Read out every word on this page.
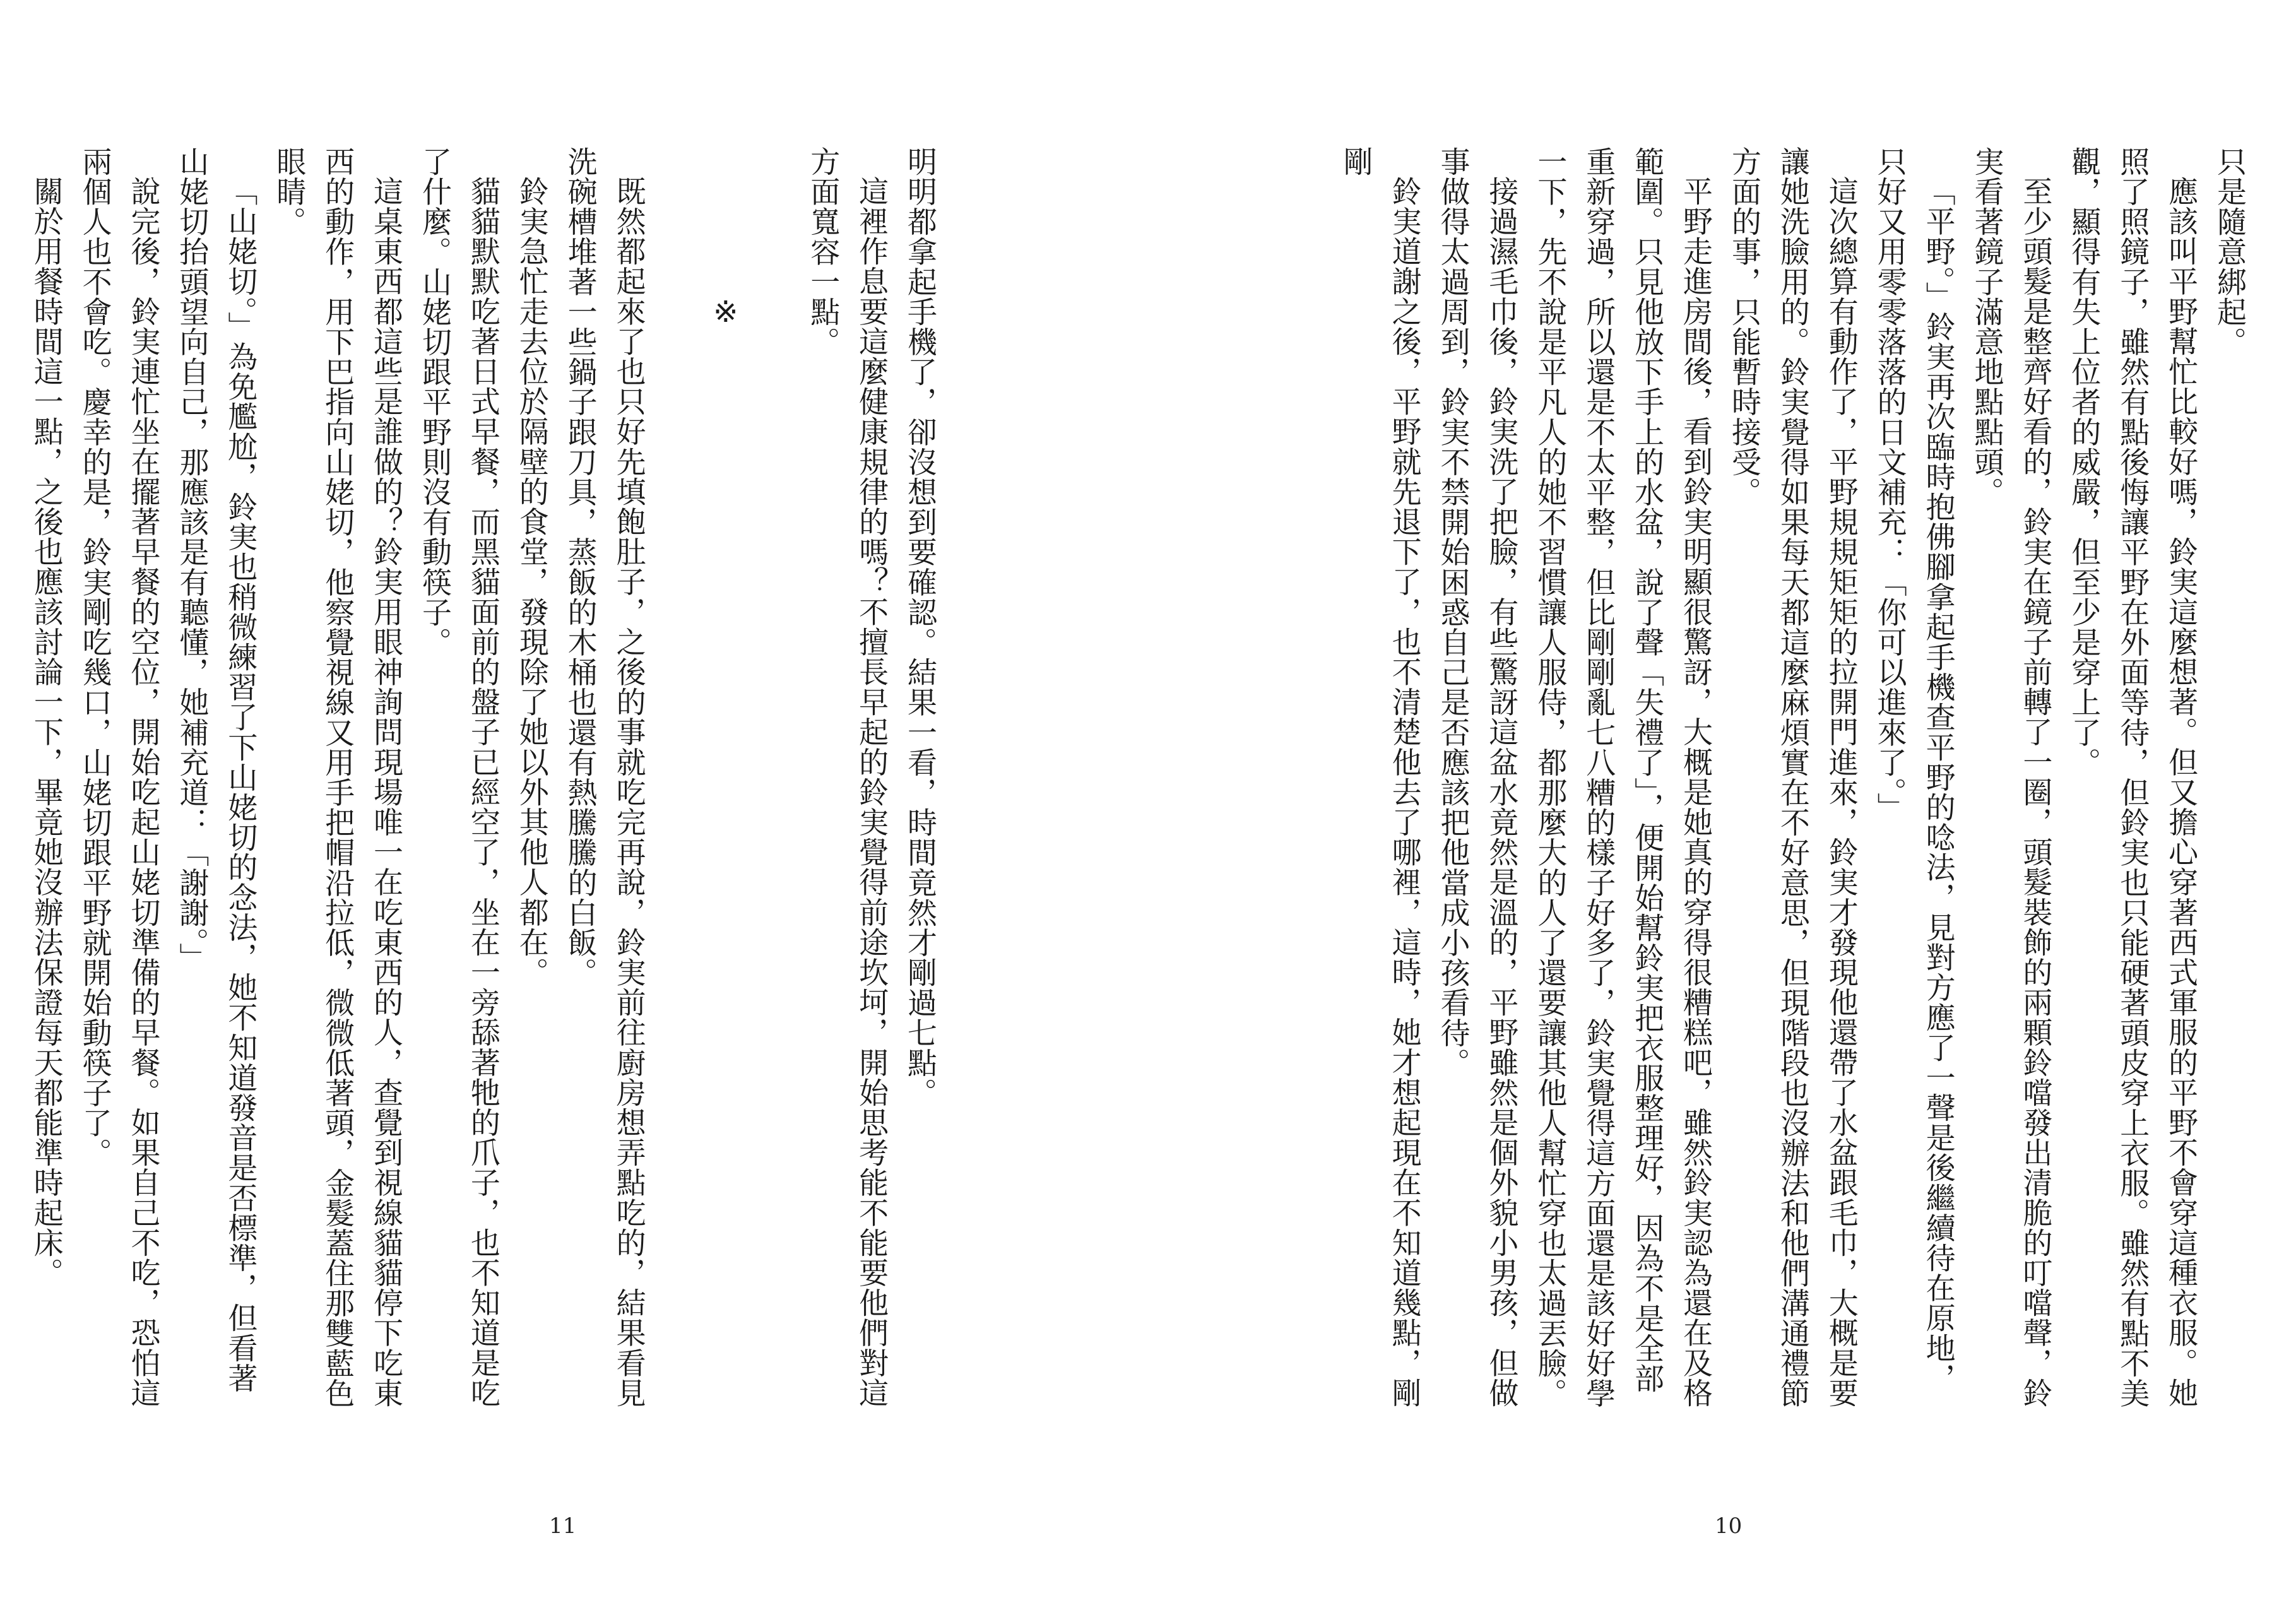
只是隨意綁起。

應該叫平野幫忙比較好嗎，鈴実這麼想著。但又擔心穿著西式軍服的平野不會穿這種衣服。她照了照鏡子，雖然有點後悔讓平野在外面等待，但鈴実也只能硬著頭皮穿上衣服。雖然有點不美觀，顯得有失上位者的威嚴，但至少是穿上了。

至少頭髮是整齊好看的，鈴実在鏡子前轉了一圈，頭髮裝飾的兩顆鈴噹發出清脆的叮噹聲，鈴実看著鏡子滿意地點點頭。

「平野。」鈴実再次臨時抱佛腳拿起手機查平野的唸法，見對方應了一聲是後繼續待在原地，只好又用零零落落的日文補充：「你可以進來了。」

這次總算有動作了，平野規規矩矩的拉開門進來，鈴実才發現他還帶了水盆跟毛巾，大概是要讓她洗臉用的。鈴実覺得如果每天都這麼麻煩實在不好意思，但現階段也沒辦法和他們溝通禮節方面的事，只能暫時接受。

平野走進房間後，看到鈴実明顯很驚訝，大概是她真的穿得很糟糕吧，雖然鈴実認為還在及格範圍。只見他放下手上的水盆，說了聲「失禮了」，便開始幫鈴実把衣服整理好，因為不是全部重新穿過，所以還是不太平整，但比剛剛亂七八糟的樣子好多了，鈴実覺得這方面還是該好好學一下，先不說是平凡人的她不習慣讓人服侍，都那麼大的人了還要讓其他人幫忙穿也太過丟臉。

接過濕毛巾後，鈴実洗了把臉，有些驚訝這盆水竟然是溫的，平野雖然是個外貌小男孩，但做事做得太過周到，鈴実不禁開始困惑自己是否應該把他當成小孩看待。

鈴実道謝之後，平野就先退下了，也不清楚他去了哪裡，這時，她才想起現在不知道幾點，剛剛

10

明明都拿起手機了，卻沒想到要確認。結果一看，時間竟然才剛過七點。

這裡作息要這麼健康規律的嗎？不擅長早起的鈴実覺得前途坎坷，開始思考能不能要他們對這方面寬容一點。

※

既然都起來了也只好先填飽肚子，之後的事就吃完再說，鈴実前往廚房想弄點吃的，結果看見洗碗槽堆著一些鍋子跟刀具，蒸飯的木桶也還有熱騰騰的白飯。

鈴実急忙走去位於隔壁的食堂，發現除了她以外其他人都在。

貓貓默默吃著日式早餐，而黑貓面前的盤子已經空了，坐在一旁舔著牠的爪子，也不知道是吃了什麼。山姥切跟平野則沒有動筷子。

這桌東西都這些是誰做的？鈴実用眼神詢問現場唯一在吃東西的人，查覺到視線貓貓停下吃東西的動作，用下巴指向山姥切，他察覺視線又用手把帽沿拉低，微微低著頭，金髮蓋住那雙藍色眼睛。

「山姥切。」為免尷尬，鈴実也稍微練習了下山姥切的念法，她不知道發音是否標準，但看著山姥切抬頭望向自己，那應該是有聽懂，她補充道：「謝謝。」

說完後，鈴実連忙坐在擺著早餐的空位，開始吃起山姥切準備的早餐。如果自己不吃，恐怕這兩個人也不會吃。慶幸的是，鈴実剛吃幾口，山姥切跟平野就開始動筷子了。

關於用餐時間這一點，之後也應該討論一下，畢竟她沒辦法保證每天都能準時起床。

11
